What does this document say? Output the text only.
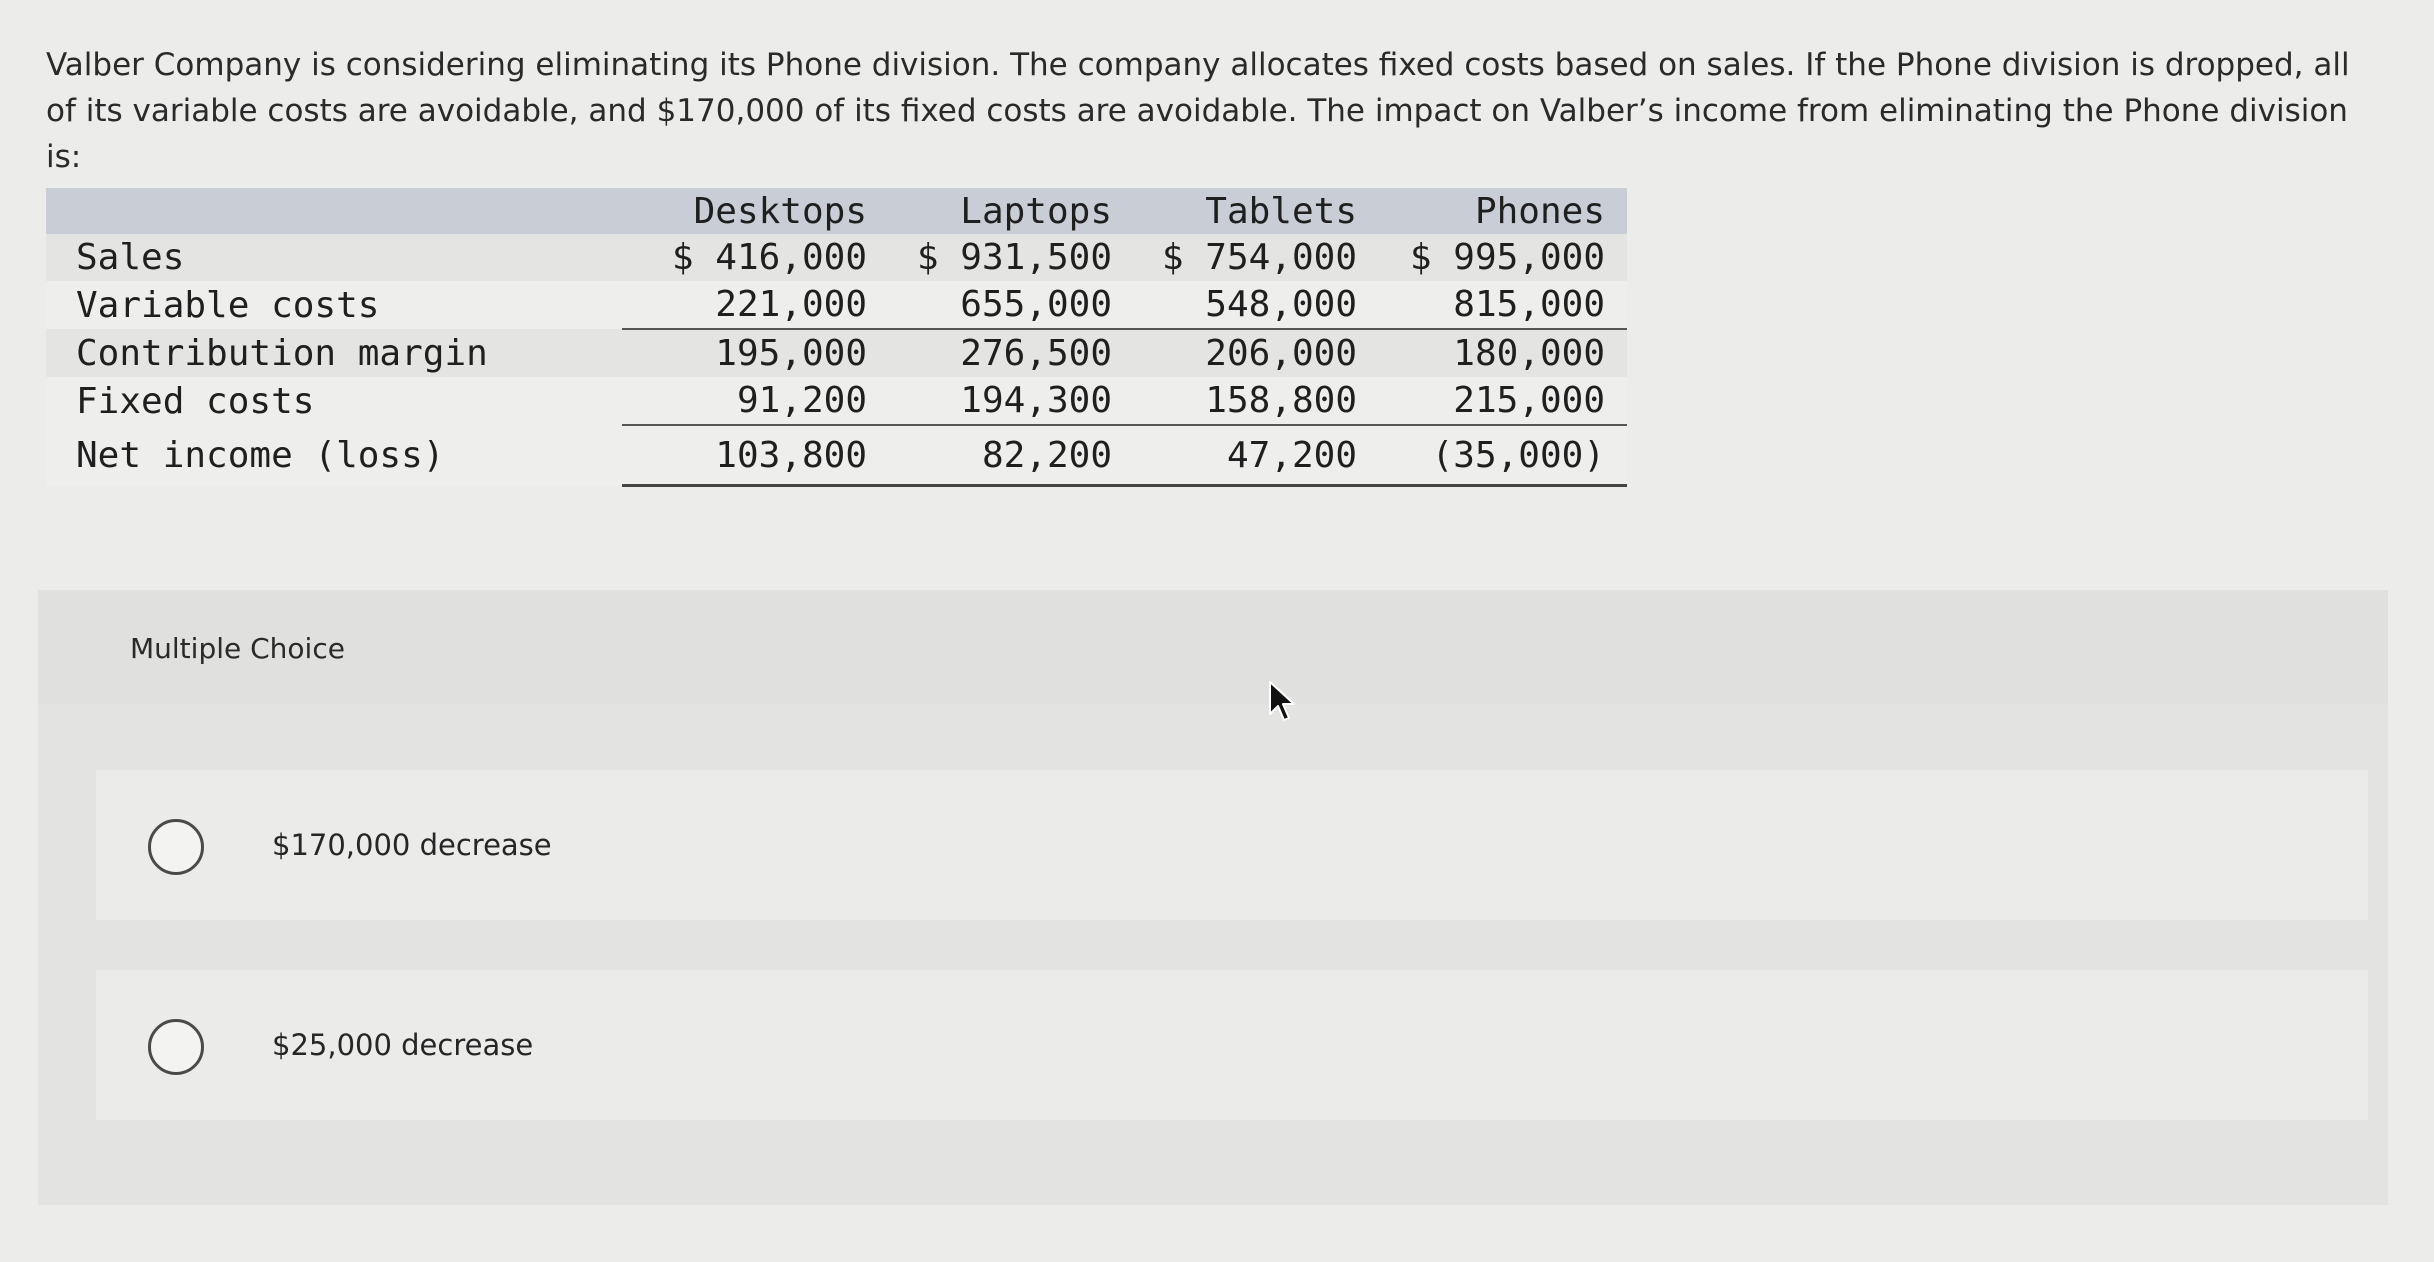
Valber Company is considering eliminating its Phone division. The company allocates fixed costs based on sales. If the Phone division is dropped, all of its variable costs are avoidable, and $170,000 of its fixed costs are avoidable. The impact on Valber’s income from eliminating the Phone division is:
	Desktops	Laptops	Tablets	Phones
Sales	$ 416,000	$ 931,500	$ 754,000	$ 995,000
Variable costs	221,000	655,000	548,000	815,000
Contribution margin	195,000	276,500	206,000	180,000
Fixed costs	91,200	194,300	158,800	215,000
Net income (loss)	103,800	82,200	47,200	(35,000)
Multiple Choice
$170,000 decrease
$25,000 decrease
